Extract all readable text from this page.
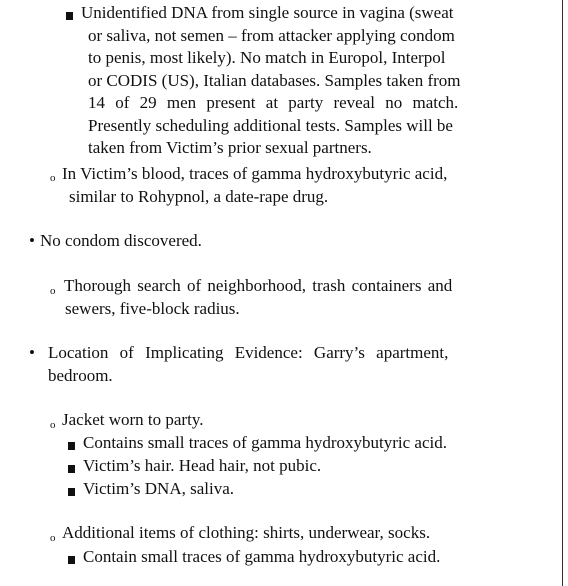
Unidentified DNA from single source in vagina (sweat
or saliva, not semen – from attacker applying condom
to penis, most likely). No match in Europol, Interpol
or CODIS (US), Italian databases. Samples taken from
14 of 29 men present at party reveal no match.
Presently scheduling additional tests. Samples will be
taken from Victim’s prior sexual partners.
o In Victim’s blood, traces of gamma hydroxybutyric acid,
similar to Rohypnol, a date-rape drug.
• No condom discovered.
o Thorough search of neighborhood, trash containers and
sewers, five-block radius.
• Location of Implicating Evidence: Garry’s apartment,
bedroom.
o Jacket worn to party.
Contains small traces of gamma hydroxybutyric acid.
Victim’s hair. Head hair, not pubic.
Victim’s DNA, saliva.
o Additional items of clothing: shirts, underwear, socks.
Contain small traces of gamma hydroxybutyric acid.
